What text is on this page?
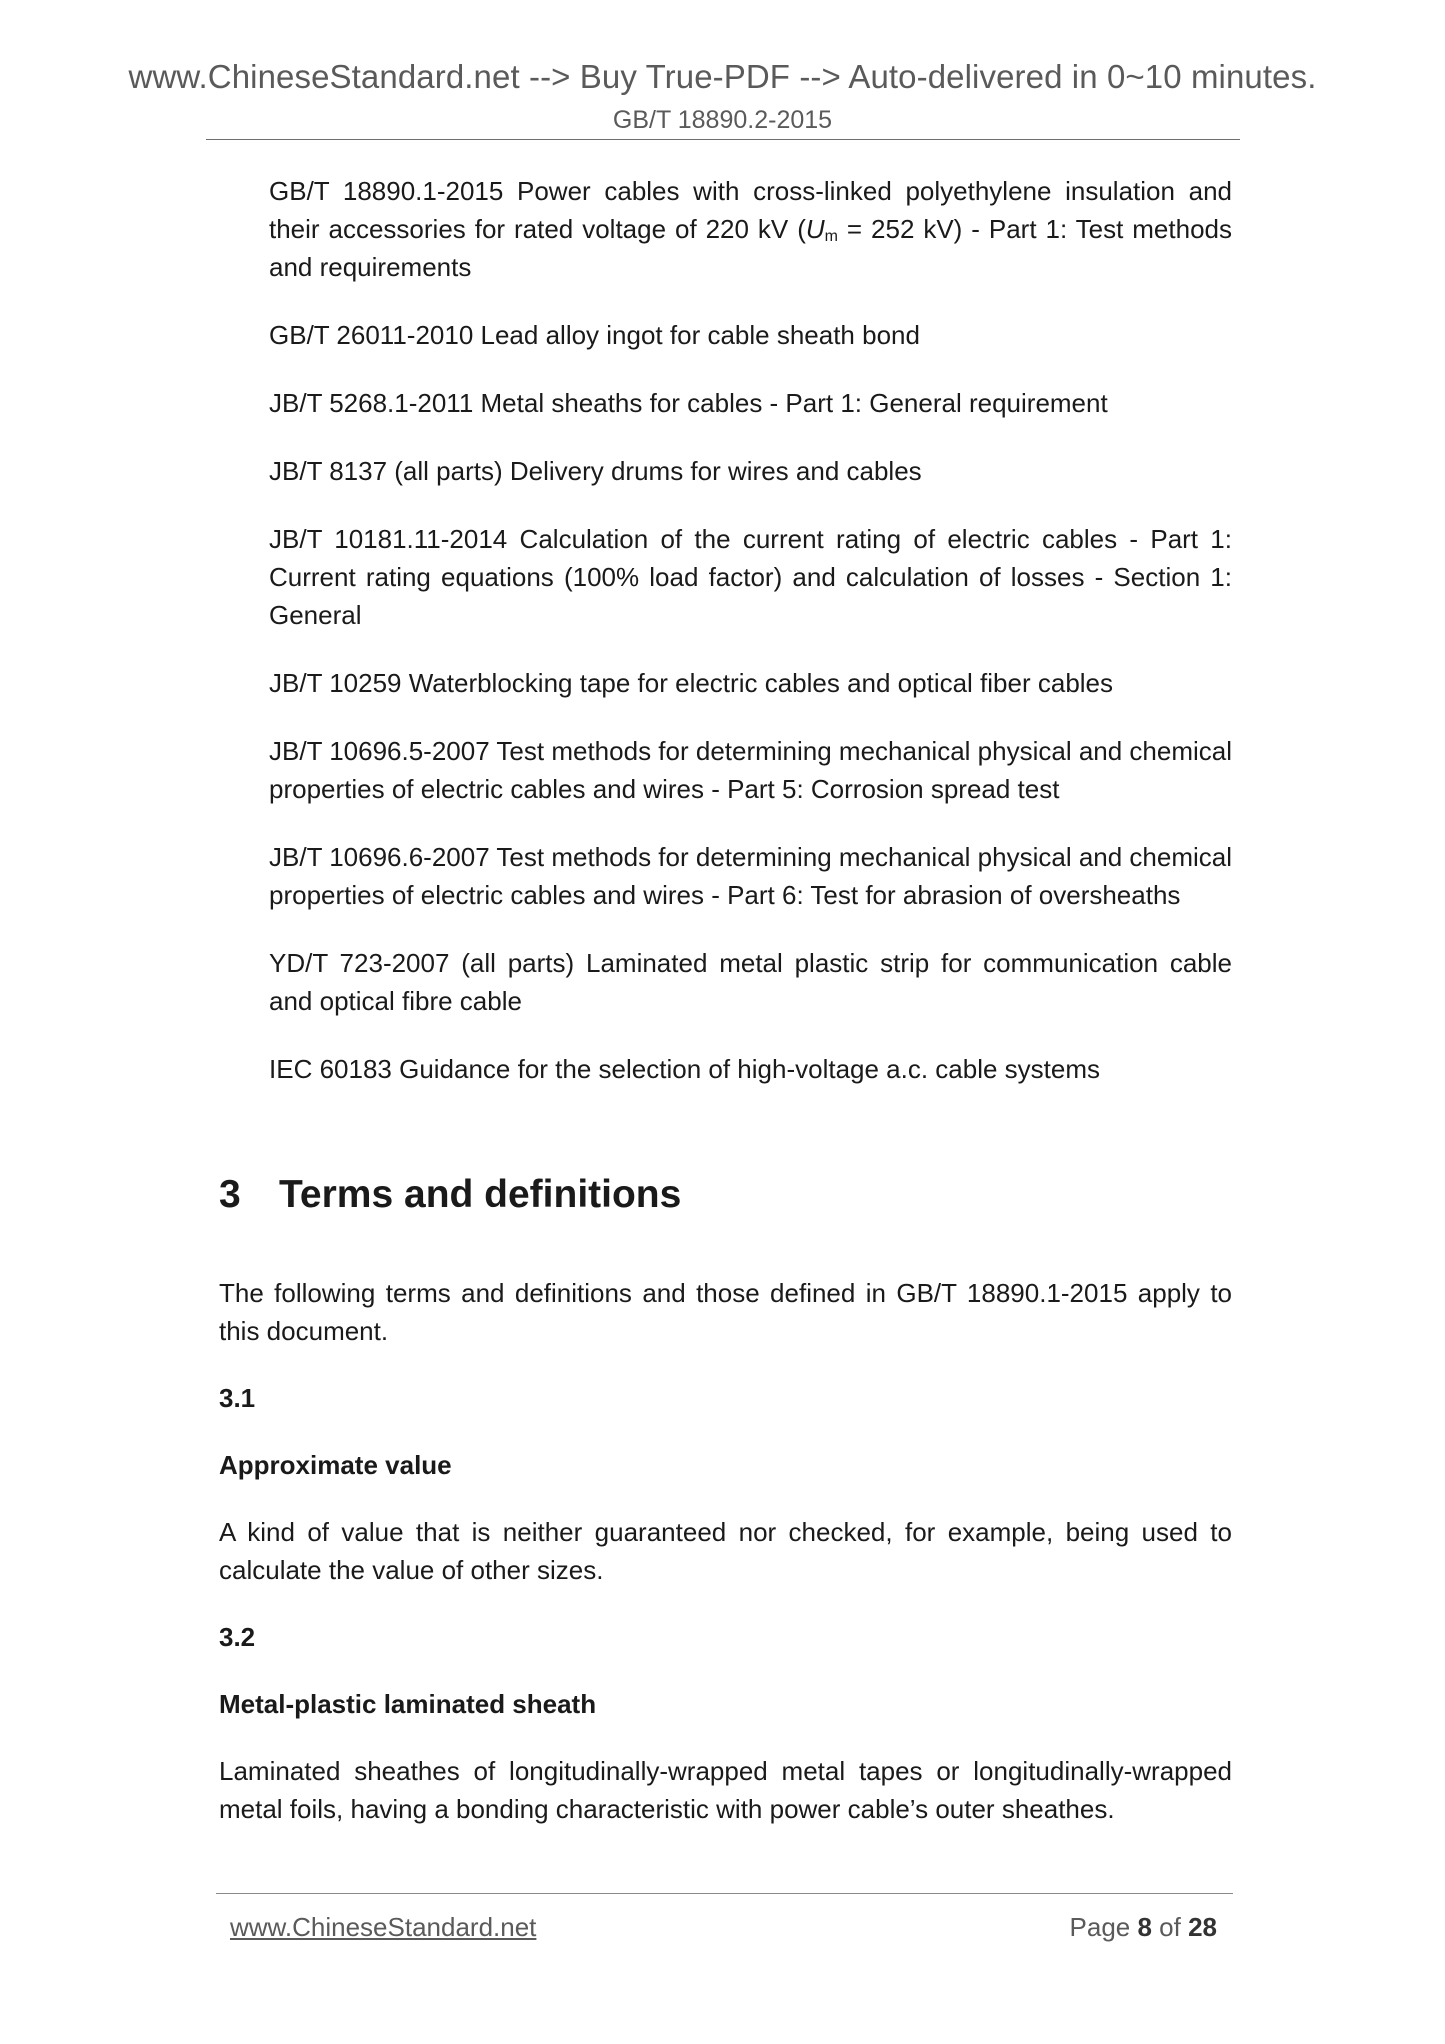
www.ChineseStandard.net --> Buy True-PDF --> Auto-delivered in 0~10 minutes.
GB/T 18890.2-2015

GB/T 18890.1-2015 Power cables with cross-linked polyethylene insulation and their accessories for rated voltage of 220 kV ($U_m = 252$ kV) - Part 1: Test methods and requirements

GB/T 26011-2010 Lead alloy ingot for cable sheath bond

JB/T 5268.1-2011 Metal sheaths for cables - Part 1: General requirement

JB/T 8137 (all parts) Delivery drums for wires and cables

JB/T 10181.11-2014 Calculation of the current rating of electric cables - Part 1: Current rating equations (100% load factor) and calculation of losses - Section 1: General

JB/T 10259 Waterblocking tape for electric cables and optical fiber cables

JB/T 10696.5-2007 Test methods for determining mechanical physical and chemical properties of electric cables and wires - Part 5: Corrosion spread test

JB/T 10696.6-2007 Test methods for determining mechanical physical and chemical properties of electric cables and wires - Part 6: Test for abrasion of oversheaths

YD/T 723-2007 (all parts) Laminated metal plastic strip for communication cable and optical fibre cable

IEC 60183 Guidance for the selection of high-voltage a.c. cable systems

3 Terms and definitions

The following terms and definitions and those defined in GB/T 18890.1-2015 apply to this document.

3.1

Approximate value

A kind of value that is neither guaranteed nor checked, for example, being used to calculate the value of other sizes.

3.2

Metal-plastic laminated sheath

Laminated sheathes of longitudinally-wrapped metal tapes or longitudinally-wrapped metal foils, having a bonding characteristic with power cable’s outer sheathes.

www.ChineseStandard.net	Page 8 of 28
